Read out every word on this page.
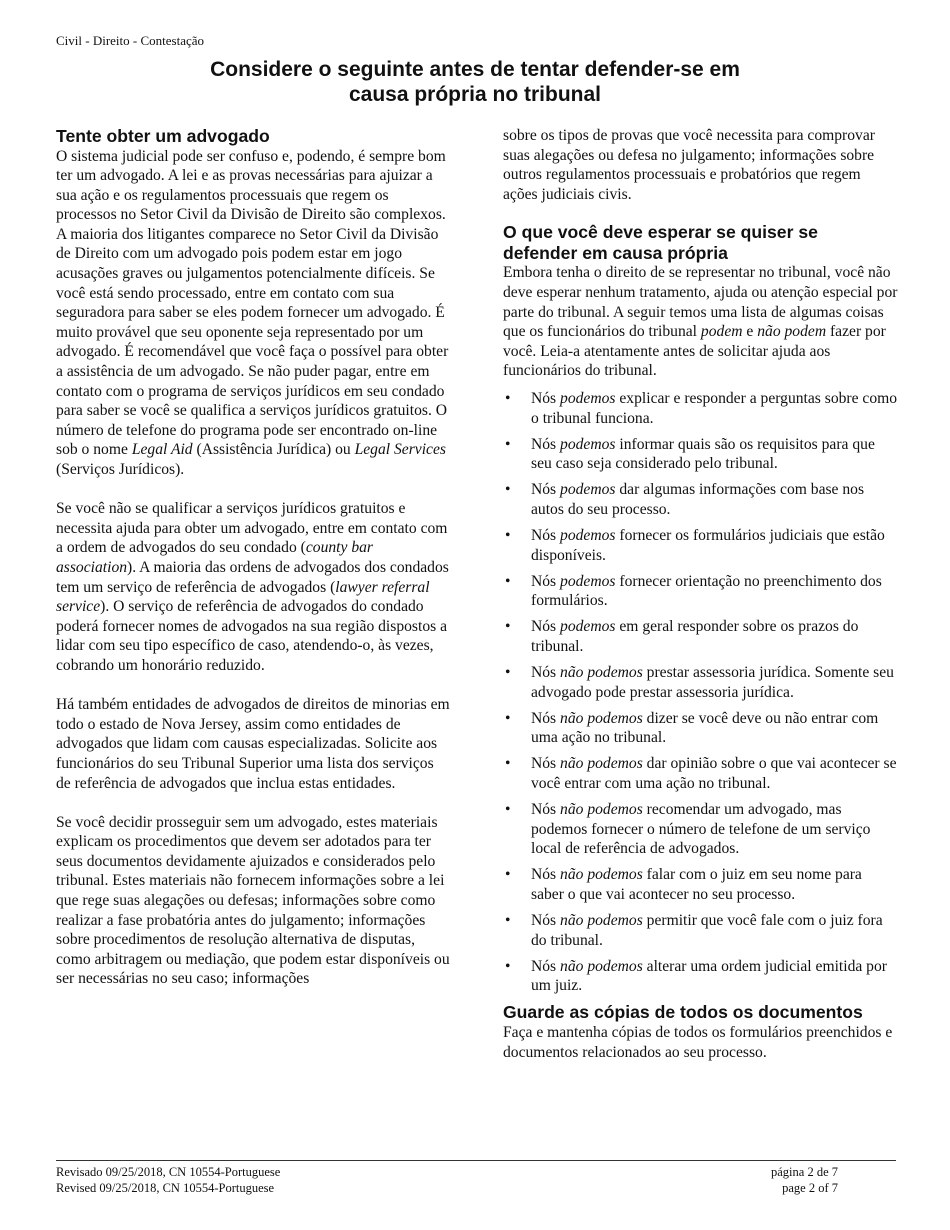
Civil - Direito - Contestação
Considere o seguinte antes de tentar defender-se em
causa própria no tribunal
Tente obter um advogado

O sistema judicial pode ser confuso e, podendo, é sempre bom ter um advogado. A lei e as provas necessárias para ajuizar a sua ação e os regulamentos processuais que regem os processos no Setor Civil da Divisão de Direito são complexos. A maioria dos litigantes comparece no Setor Civil da Divisão de Direito com um advogado pois podem estar em jogo acusações graves ou julgamentos potencialmente difíceis. Se você está sendo processado, entre em contato com sua seguradora para saber se eles podem fornecer um advogado. É muito provável que seu oponente seja representado por um advogado. É recomendável que você faça o possível para obter a assistência de um advogado. Se não puder pagar, entre em contato com o programa de serviços jurídicos em seu condado para saber se você se qualifica a serviços jurídicos gratuitos. O número de telefone do programa pode ser encontrado on-line sob o nome Legal Aid (Assistência Jurídica) ou Legal Services (Serviços Jurídicos).

Se você não se qualificar a serviços jurídicos gratuitos e necessita ajuda para obter um advogado, entre em contato com a ordem de advogados do seu condado (county bar association). A maioria das ordens de advogados dos condados tem um serviço de referência de advogados (lawyer referral service). O serviço de referência de advogados do condado poderá fornecer nomes de advogados na sua região dispostos a lidar com seu tipo específico de caso, atendendo-o, às vezes, cobrando um honorário reduzido.

Há também entidades de advogados de direitos de minorias em todo o estado de Nova Jersey, assim como entidades de advogados que lidam com causas especializadas. Solicite aos funcionários do seu Tribunal Superior uma lista dos serviços de referência de advogados que inclua estas entidades.

Se você decidir prosseguir sem um advogado, estes materiais explicam os procedimentos que devem ser adotados para ter seus documentos devidamente ajuizados e considerados pelo tribunal. Estes materiais não fornecem informações sobre a lei que rege suas alegações ou defesas; informações sobre como realizar a fase probatória antes do julgamento; informações sobre procedimentos de resolução alternativa de disputas, como arbitragem ou mediação, que podem estar disponíveis ou ser necessárias no seu caso; informações

sobre os tipos de provas que você necessita para comprovar suas alegações ou defesa no julgamento; informações sobre outros regulamentos processuais e probatórios que regem ações judiciais civis.

O que você deve esperar se quiser se
defender em causa própria

Embora tenha o direito de se representar no tribunal, você não deve esperar nenhum tratamento, ajuda ou atenção especial por parte do tribunal. A seguir temos uma lista de algumas coisas que os funcionários do tribunal podem e não podem fazer por você. Leia-a atentamente antes de solicitar ajuda aos funcionários do tribunal.

• Nós podemos explicar e responder a perguntas sobre como o tribunal funciona.
• Nós podemos informar quais são os requisitos para que seu caso seja considerado pelo tribunal.
• Nós podemos dar algumas informações com base nos autos do seu processo.
• Nós podemos fornecer os formulários judiciais que estão disponíveis.
• Nós podemos fornecer orientação no preenchimento dos formulários.
• Nós podemos em geral responder sobre os prazos do tribunal.
• Nós não podemos prestar assessoria jurídica. Somente seu advogado pode prestar assessoria jurídica.
• Nós não podemos dizer se você deve ou não entrar com uma ação no tribunal.
• Nós não podemos dar opinião sobre o que vai acontecer se você entrar com uma ação no tribunal.
• Nós não podemos recomendar um advogado, mas podemos fornecer o número de telefone de um serviço local de referência de advogados.
• Nós não podemos falar com o juiz em seu nome para saber o que vai acontecer no seu processo.
• Nós não podemos permitir que você fale com o juiz fora do tribunal.
• Nós não podemos alterar uma ordem judicial emitida por um juiz.
Guarde as cópias de todos os documentos

Faça e mantenha cópias de todos os formulários preenchidos e documentos relacionados ao seu processo.

Revisado 09/25/2018, CN 10554-Portuguese
Revised 09/25/2018, CN 10554-Portuguese
página 2 de 7
page 2 of 7
